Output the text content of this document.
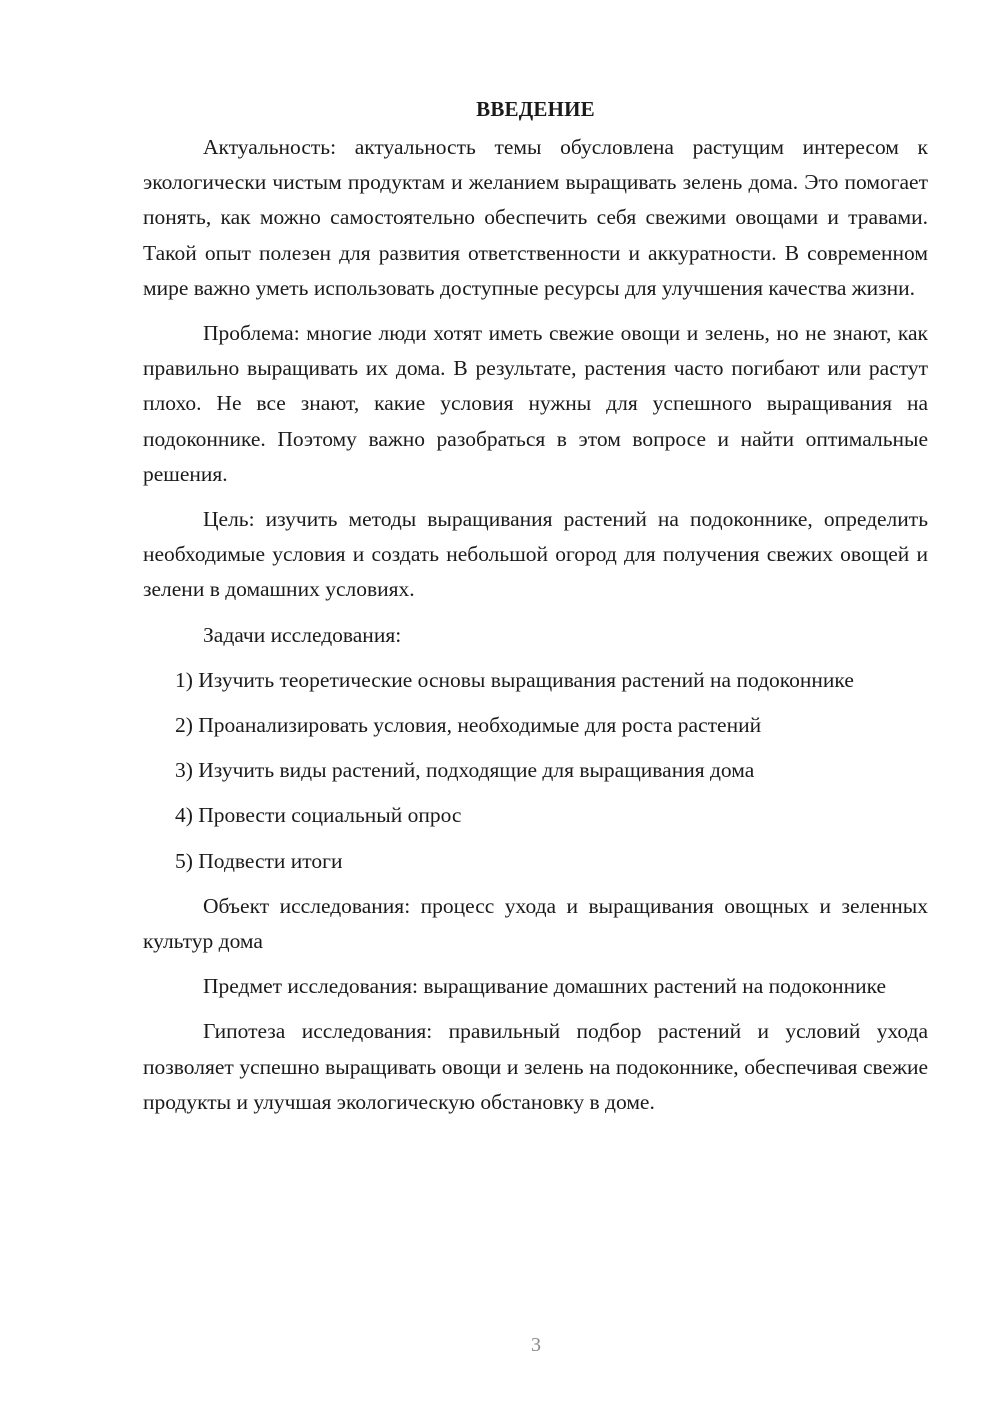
ВВЕДЕНИЕ

Актуальность: актуальность темы обусловлена растущим интересом к экологически чистым продуктам и желанием выращивать зелень дома. Это помогает понять, как можно самостоятельно обеспечить себя свежими овощами и травами. Такой опыт полезен для развития ответственности и аккуратности. В современном мире важно уметь использовать доступные ресурсы для улучшения качества жизни.

Проблема: многие люди хотят иметь свежие овощи и зелень, но не знают, как правильно выращивать их дома. В результате, растения часто погибают или растут плохо. Не все знают, какие условия нужны для успешного выращивания на подоконнике. Поэтому важно разобраться в этом вопросе и найти оптимальные решения.

Цель: изучить методы выращивания растений на подоконнике, определить необходимые условия и создать небольшой огород для получения свежих овощей и зелени в домашних условиях.

Задачи исследования:

1) Изучить теоретические основы выращивания растений на подоконнике

2) Проанализировать условия, необходимые для роста растений

3) Изучить виды растений, подходящие для выращивания дома

4) Провести социальный опрос

5) Подвести итоги

Объект исследования: процесс ухода и выращивания овощных и зеленных культур дома

Предмет исследования: выращивание домашних растений на подоконнике

Гипотеза исследования: правильный подбор растений и условий ухода позволяет успешно выращивать овощи и зелень на подоконнике, обеспечивая свежие продукты и улучшая экологическую обстановку в доме.

3
